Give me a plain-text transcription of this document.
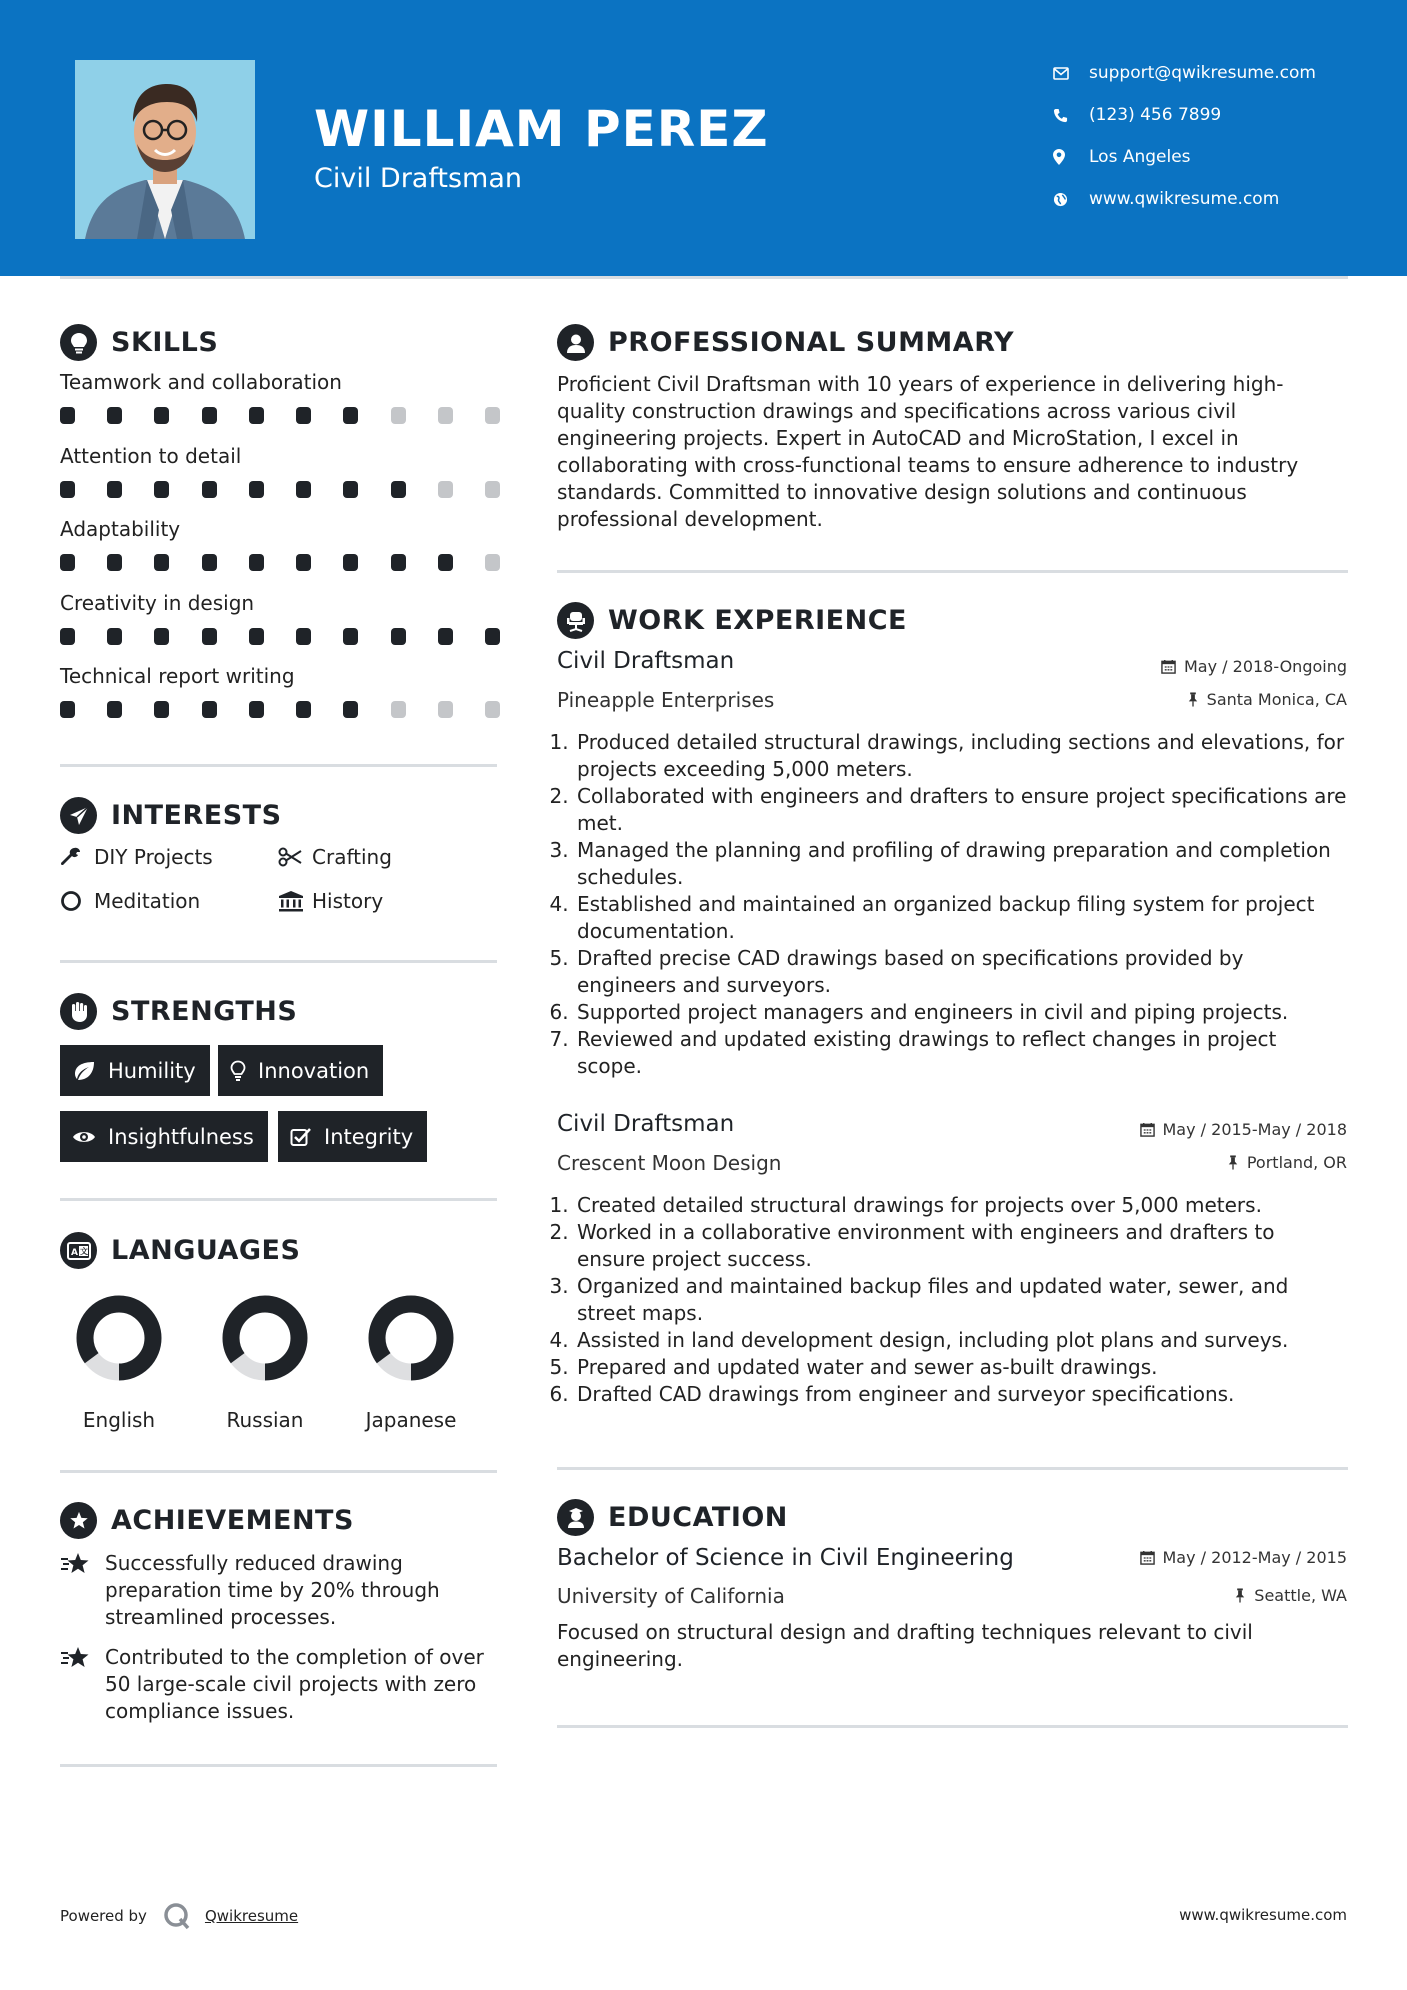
WILLIAM PEREZ
Civil Draftsman
support@qwikresume.com
(123) 456 7899
Los Angeles
www.qwikresume.com
SKILLS
Teamwork and collaboration
Attention to detail
Adaptability
Creativity in design
Technical report writing
INTERESTS
DIY Projects	Crafting
Meditation	History
STRENGTHS
Humility	Innovation
Insightfulness	Integrity
A 文 LANGUAGES
English	Russian	Japanese
ACHIEVEMENTS
Successfully reduced drawing preparation time by 20% through streamlined processes.
Contributed to the completion of over 50 large-scale civil projects with zero compliance issues.
PROFESSIONAL SUMMARY
Proficient Civil Draftsman with 10 years of experience in delivering high-quality construction drawings and specifications across various civil engineering projects. Expert in AutoCAD and MicroStation, I excel in collaborating with cross-functional teams to ensure adherence to industry standards. Committed to innovative design solutions and continuous professional development.
WORK EXPERIENCE
Civil Draftsman	May / 2018-Ongoing
Pineapple Enterprises	Santa Monica, CA
1. Produced detailed structural drawings, including sections and elevations, for projects exceeding 5,000 meters.
2. Collaborated with engineers and drafters to ensure project specifications are met.
3. Managed the planning and profiling of drawing preparation and completion schedules.
4. Established and maintained an organized backup filing system for project documentation.
5. Drafted precise CAD drawings based on specifications provided by engineers and surveyors.
6. Supported project managers and engineers in civil and piping projects.
7. Reviewed and updated existing drawings to reflect changes in project scope.
Civil Draftsman	May / 2015-May / 2018
Crescent Moon Design	Portland, OR
1. Created detailed structural drawings for projects over 5,000 meters.
2. Worked in a collaborative environment with engineers and drafters to ensure project success.
3. Organized and maintained backup files and updated water, sewer, and street maps.
4. Assisted in land development design, including plot plans and surveys.
5. Prepared and updated water and sewer as-built drawings.
6. Drafted CAD drawings from engineer and surveyor specifications.
EDUCATION
Bachelor of Science in Civil Engineering	May / 2012-May / 2015
University of California	Seattle, WA
Focused on structural design and drafting techniques relevant to civil engineering.
Powered by	Qwikresume	www.qwikresume.com
